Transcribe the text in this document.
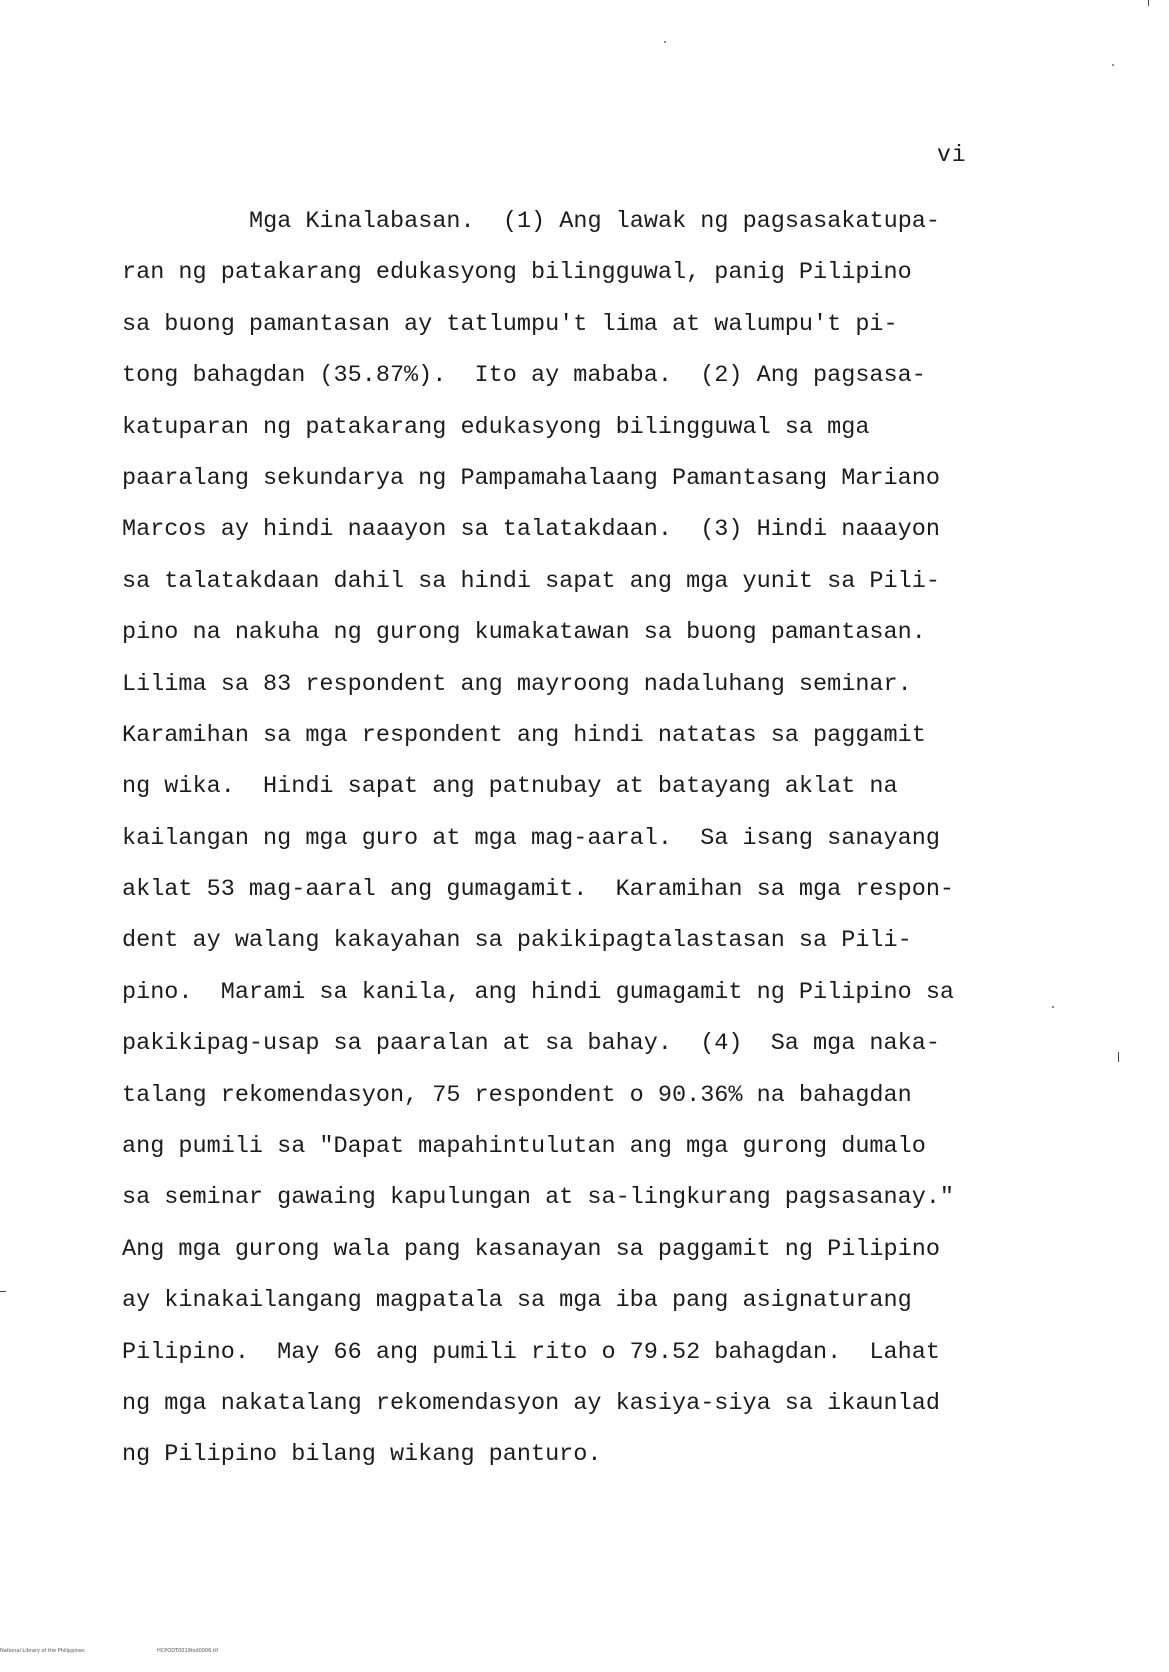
vi
Mga Kinalabasan.  (1) Ang lawak ng pagsasakatupa-
ran ng patakarang edukasyong bilingguwal, panig Pilipino
sa buong pamantasan ay tatlumpu't lima at walumpu't pi-
tong bahagdan (35.87%).  Ito ay mababa.  (2) Ang pagsasa-
katuparan ng patakarang edukasyong bilingguwal sa mga
paaralang sekundarya ng Pampamahalaang Pamantasang Mariano
Marcos ay hindi naaayon sa talatakdaan.  (3) Hindi naaayon
sa talatakdaan dahil sa hindi sapat ang mga yunit sa Pili-
pino na nakuha ng gurong kumakatawan sa buong pamantasan.
Lilima sa 83 respondent ang mayroong nadaluhang seminar.
Karamihan sa mga respondent ang hindi natatas sa paggamit
ng wika.  Hindi sapat ang patnubay at batayang aklat na
kailangan ng mga guro at mga mag-aaral.  Sa isang sanayang
aklat 53 mag-aaral ang gumagamit.  Karamihan sa mga respon-
dent ay walang kakayahan sa pakikipagtalastasan sa Pili-
pino.  Marami sa kanila, ang hindi gumagamit ng Pilipino sa
pakikipag-usap sa paaralan at sa bahay.  (4)  Sa mga naka-
talang rekomendasyon, 75 respondent o 90.36% na bahagdan
ang pumili sa "Dapat mapahintulutan ang mga gurong dumalo
sa seminar gawaing kapulungan at sa-lingkurang pagsasanay."
Ang mga gurong wala pang kasanayan sa paggamit ng Pilipino
ay kinakailangang magpatala sa mga iba pang asignaturang
Pilipino.  May 66 ang pumili rito o 79.52 bahagdan.  Lahat
ng mga nakatalang rekomendasyon ay kasiya-siya sa ikaunlad
ng Pilipino bilang wikang panturo.

National Library of the Philippines

	HCPODT0019tsd0006.tif
